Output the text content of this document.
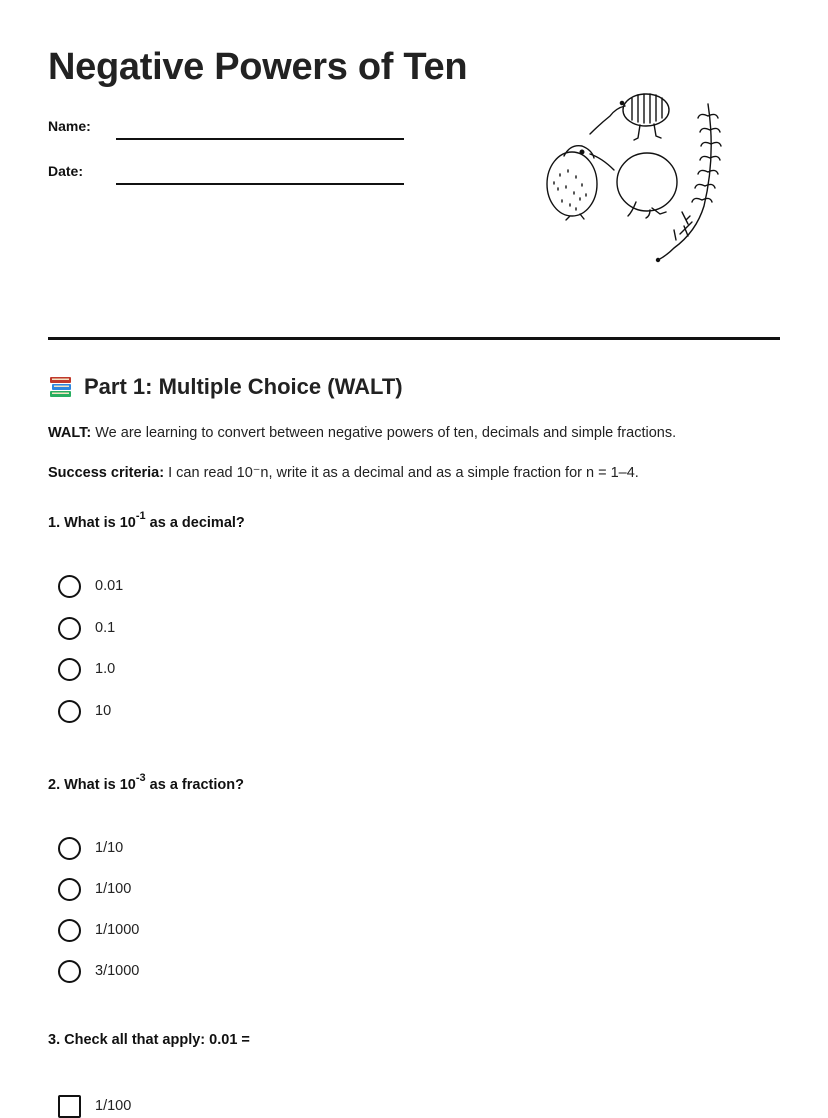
Negative Powers of Ten
Name:
Date:
Part 1: Multiple Choice (WALT)
WALT: We are learning to convert between negative powers of ten, decimals and simple fractions.
Success criteria: I can read 10⁻n, write it as a decimal and as a simple fraction for n = 1–4.
1. What is $10^{-1}$ as a decimal?
0.01
0.1
1.0
10
2. What is $10^{-3}$ as a fraction?
1/10
1/100
1/1000
3/1000
3. Check all that apply: 0.01 =
1/100
